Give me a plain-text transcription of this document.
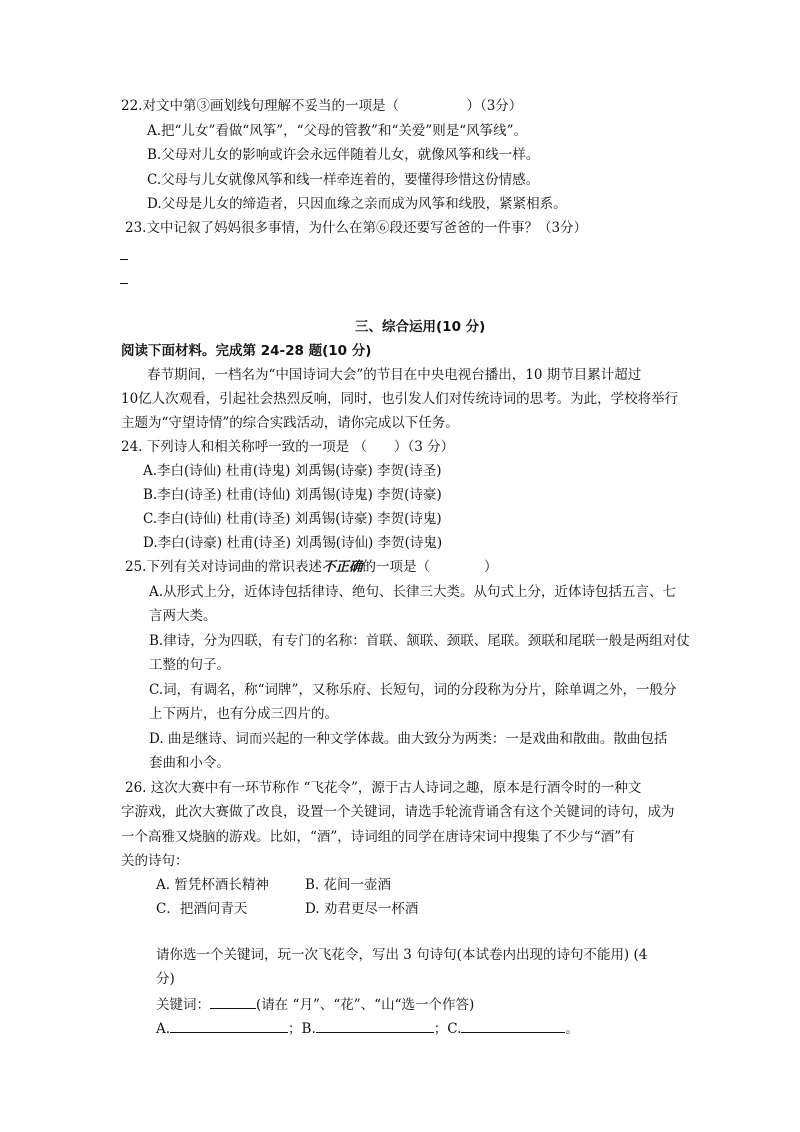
22.对文中第③画划线句理解不妥当的一项是（　　　　　）（3分）
A.把“儿女”看做“风筝”，“父母的管教”和“关爱”则是“风筝线”。
B.父母对儿女的影响或许会永远伴随着儿女，就像风筝和线一样。
C.父母与儿女就像风筝和线一样牵连着的，要懂得珍惜这份情感。
D.父母是儿女的缔造者，只因血缘之亲而成为风筝和线股，紧紧相系。
23.文中记叙了妈妈很多事情，为什么在第⑥段还要写爸爸的一件事？（3分）
三、综合运用(10 分)
阅读下面材料。完成第 24-28 题(10 分)
春节期间，一档名为“中国诗词大会”的节目在中央电视台播出，10 期节目累计超过
10亿人次观看，引起社会热烈反响，同时，也引发人们对传统诗词的思考。为此，学校将举行
主题为“守望诗情”的综合实践活动，请你完成以下任务。
24. 下列诗人和相关称呼一致的一项是 （　　）（3 分）
A.李白(诗仙) 杜甫(诗鬼) 刘禹锡(诗豪) 李贺(诗圣)
B.李白(诗圣) 杜甫(诗仙) 刘禹锡(诗鬼) 李贺(诗豪)
C.李白(诗仙) 杜甫(诗圣) 刘禹锡(诗豪) 李贺(诗鬼)
D.李白(诗豪) 杜甫(诗圣) 刘禹锡(诗仙) 李贺(诗鬼)
25.下列有关对诗词曲的常识表述不正确的一项是（　　　　）
A.从形式上分，近体诗包括律诗、绝句、长律三大类。从句式上分，近体诗包括五言、七
言两大类。
B.律诗，分为四联，有专门的名称：首联、颔联、颈联、尾联。颈联和尾联一般是两组对仗
工整的句子。
C.词，有调名，称“词牌”，又称乐府、长短句，词的分段称为分片，除单调之外，一般分
上下两片，也有分成三四片的。
D. 曲是继诗、词而兴起的一种文学体裁。曲大致分为两类：一是戏曲和散曲。散曲包括
套曲和小令。
26. 这次大赛中有一环节称作 “飞花令”，源于古人诗词之趣，原本是行酒令时的一种文
字游戏，此次大赛做了改良，设置一个关键词，请选手轮流背诵含有这个关键词的诗句，成为
一个高雅又烧脑的游戏。比如，“酒”，诗词组的同学在唐诗宋词中搜集了不少与“酒”有
关的诗句：
A. 暂凭杯酒长精神	B. 花间一壶酒
C．把酒问青天	D. 劝君更尽一杯酒
请你选一个关键词，玩一次飞花令，写出 3 句诗句(本试卷内出现的诗句不能用) (4
分)
关键词：	(请在 “月”、“花”、“山“选一个作答)
A.	；B.	；C.	。
